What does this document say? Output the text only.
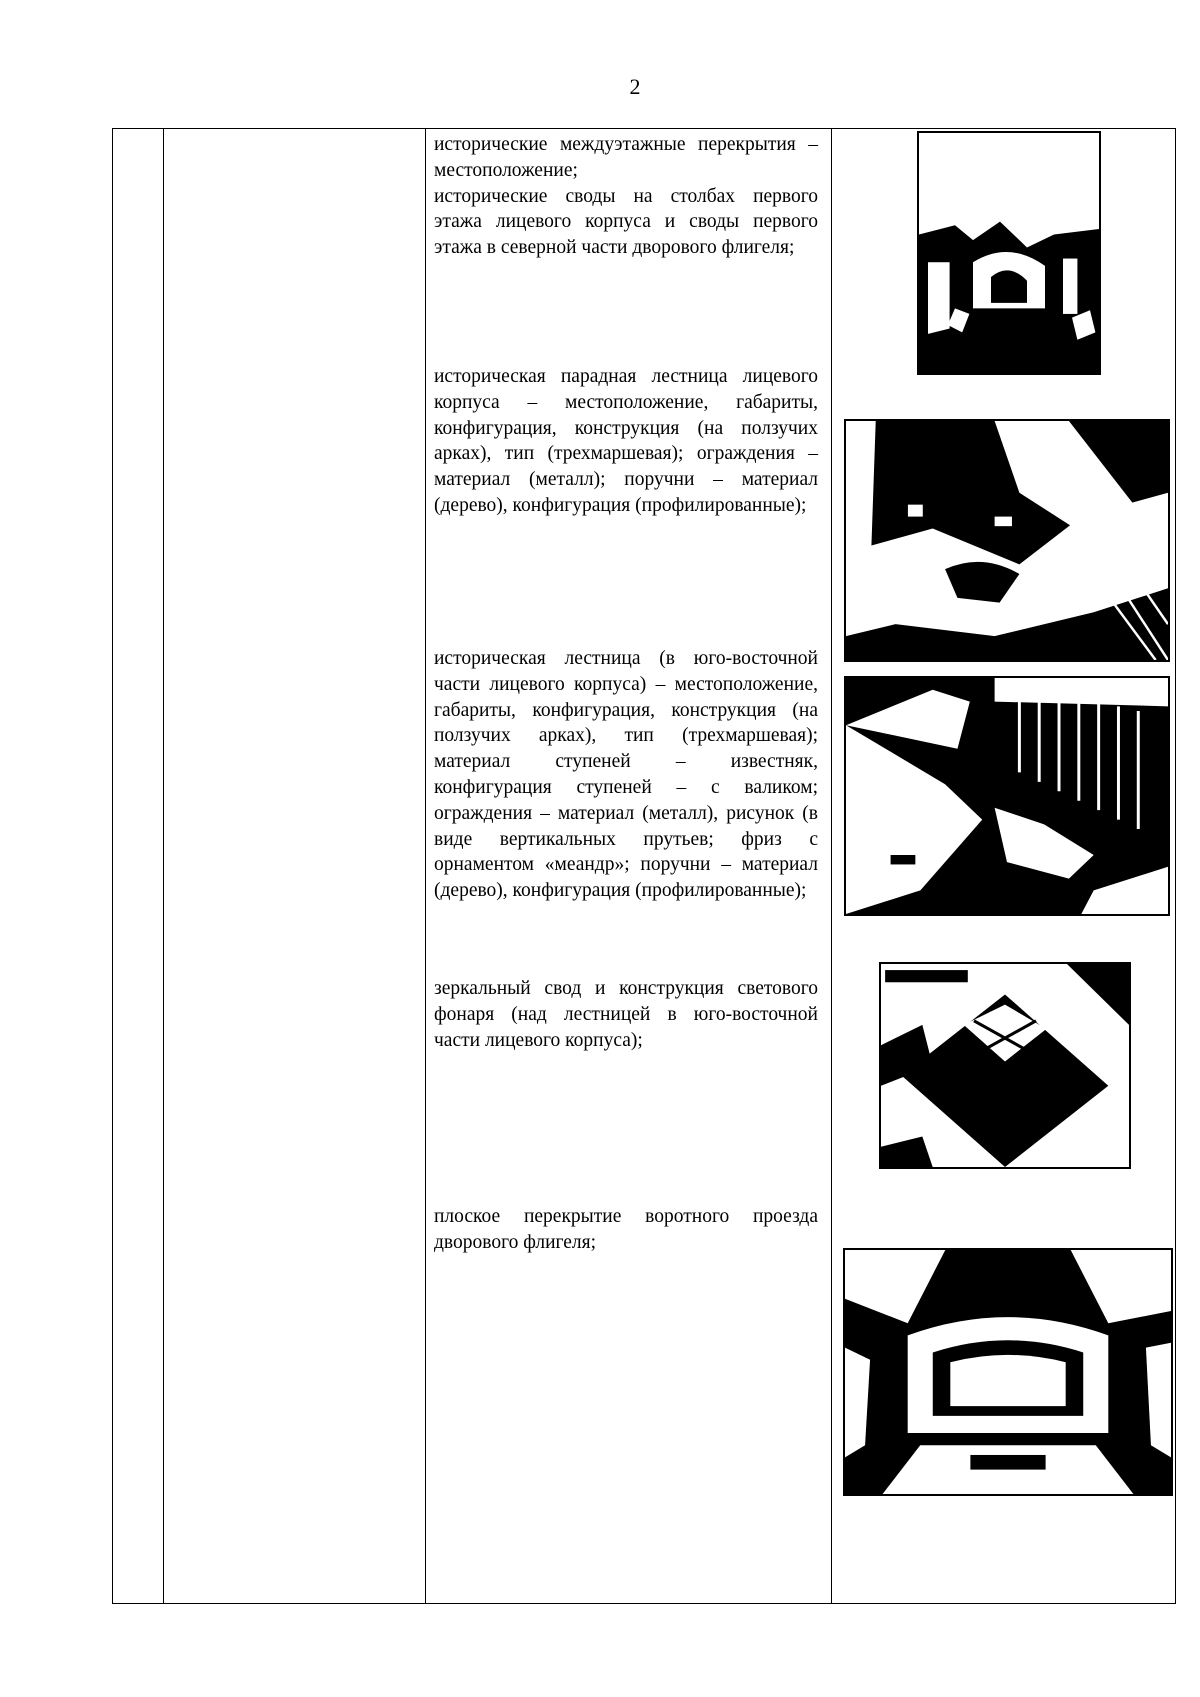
2

исторические междуэтажные перекрытия – местоположение;

исторические своды на столбах первого этажа лицевого корпуса и своды первого этажа в северной части дворового флигеля;

историческая парадная лестница лицевого корпуса – местоположение, габариты, конфигурация, конструкция (на ползучих арках), тип (трехмаршевая); ограждения – материал (металл); поручни – материал (дерево), конфигурация (профилированные);

историческая лестница (в юго-восточной части лицевого корпуса) – местоположение, габариты, конфигурация, конструкция (на ползучих арках), тип (трехмаршевая); материал ступеней – известняк, конфигурация ступеней – с валиком; ограждения – материал (металл), рисунок (в виде вертикальных прутьев; фриз с орнаментом «меандр»; поручни – материал (дерево), конфигурация (профилированные);

зеркальный свод и конструкция светового фонаря (над лестницей в юго-восточной части лицевого корпуса);

плоское перекрытие воротного проезда дворового флигеля;
